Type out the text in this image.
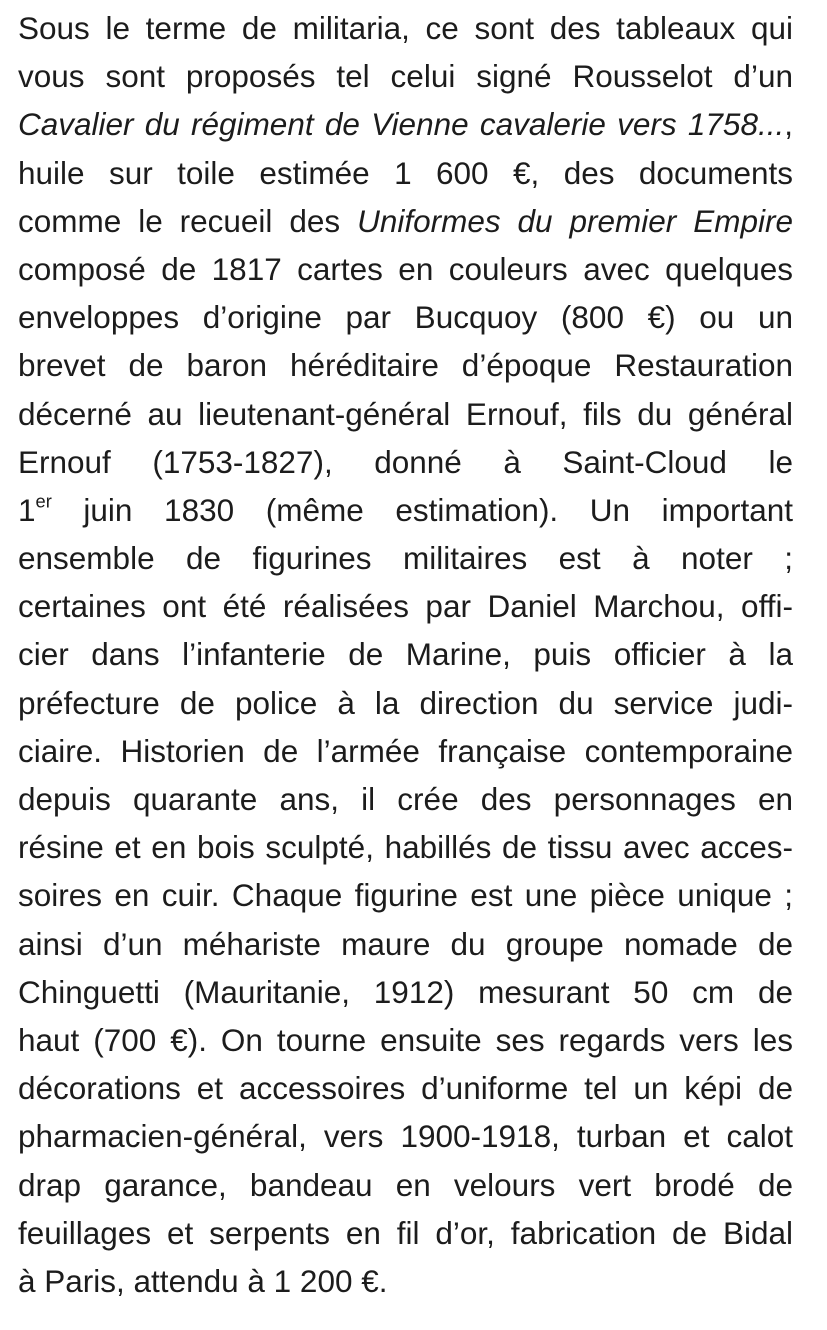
Sous le terme de militaria, ce sont des tableaux qui
vous sont proposés tel celui signé Rousselot d’un
Cavalier du régiment de Vienne cavalerie vers 1758...,
huile sur toile estimée 1 600 €, des documents
comme le recueil des Uniformes du premier Empire
composé de 1817 cartes en couleurs avec quelques
enveloppes d’origine par Bucquoy (800 €) ou un
brevet de baron héréditaire d’époque Restauration
décerné au lieutenant-général Ernouf, fils du général
Ernouf (1753-1827), donné à Saint-Cloud le
1er juin 1830 (même estimation). Un important
ensemble de figurines militaires est à noter ;
certaines ont été réalisées par Daniel Marchou, offi-
cier dans l’infanterie de Marine, puis officier à la
préfecture de police à la direction du service judi-
ciaire. Historien de l’armée française contemporaine
depuis quarante ans, il crée des personnages en
résine et en bois sculpté, habillés de tissu avec acces-
soires en cuir. Chaque figurine est une pièce unique ;
ainsi d’un méhariste maure du groupe nomade de
Chinguetti (Mauritanie, 1912) mesurant 50 cm de
haut (700 €). On tourne ensuite ses regards vers les
décorations et accessoires d’uniforme tel un képi de
pharmacien-général, vers 1900-1918, turban et calot
drap garance, bandeau en velours vert brodé de
feuillages et serpents en fil d’or, fabrication de Bidal
à Paris, attendu à 1 200 €.
